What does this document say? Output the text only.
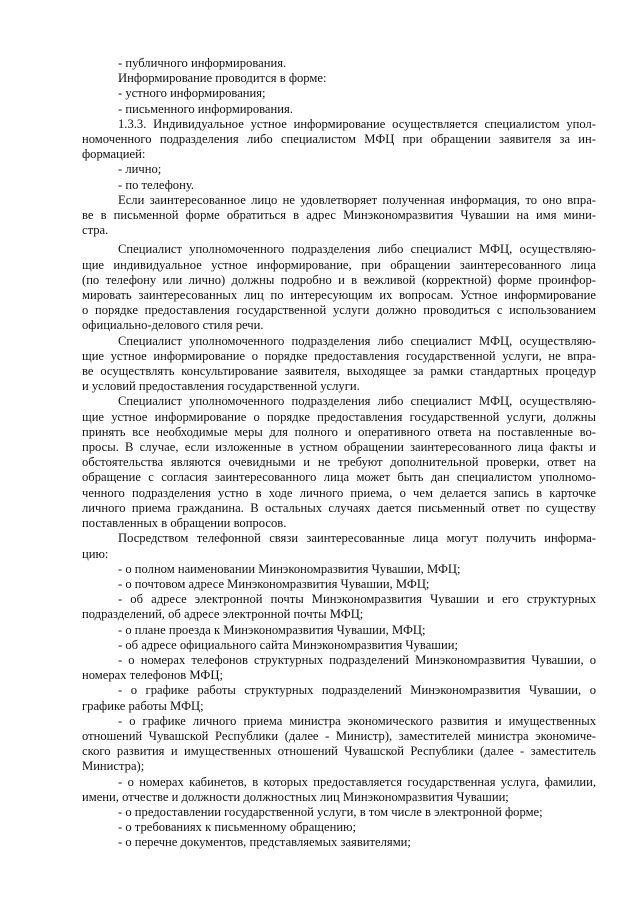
- публичного информирования.
Информирование проводится в форме:
- устного информирования;
- письменного информирования.
1.3.3. Индивидуальное устное информирование осуществляется специалистом упол-
номоченного подразделения либо специалистом МФЦ при обращении заявителя за ин-
формацией:
- лично;
- по телефону.
Если заинтересованное лицо не удовлетворяет полученная информация, то оно впра-
ве в письменной форме обратиться в адрес Минэкономразвития Чувашии на имя мини-
стра.
Специалист уполномоченного подразделения либо специалист МФЦ, осуществляю-
щие индивидуальное устное информирование, при обращении заинтересованного лица
(по телефону или лично) должны подробно и в вежливой (корректной) форме проинфор-
мировать заинтересованных лиц по интересующим их вопросам. Устное информирование
о порядке предоставления государственной услуги должно проводиться с использованием
официально-делового стиля речи.
Специалист уполномоченного подразделения либо специалист МФЦ, осуществляю-
щие устное информирование о порядке предоставления государственной услуги, не впра-
ве осуществлять консультирование заявителя, выходящее за рамки стандартных процедур
и условий предоставления государственной услуги.
Специалист уполномоченного подразделения либо специалист МФЦ, осуществляю-
щие устное информирование о порядке предоставления государственной услуги, должны
принять все необходимые меры для полного и оперативного ответа на поставленные во-
просы. В случае, если изложенные в устном обращении заинтересованного лица факты и
обстоятельства являются очевидными и не требуют дополнительной проверки, ответ на
обращение с согласия заинтересованного лица может быть дан специалистом уполномо-
ченного подразделения устно в ходе личного приема, о чем делается запись в карточке
личного приема гражданина. В остальных случаях дается письменный ответ по существу
поставленных в обращении вопросов.
Посредством телефонной связи заинтересованные лица могут получить информа-
цию:
- о полном наименовании Минэкономразвития Чувашии, МФЦ;
- о почтовом адресе Минэкономразвития Чувашии, МФЦ;
- об адресе электронной почты Минэкономразвития Чувашии и его структурных
подразделений, об адресе электронной почты МФЦ;
- о плане проезда к Минэкономразвития Чувашии, МФЦ;
- об адресе официального сайта Минэкономразвития Чувашии;
- о номерах телефонов структурных подразделений Минэкономразвития Чувашии, о
номерах телефонов МФЦ;
- о графике работы структурных подразделений Минэкономразвития Чувашии, о
графике работы МФЦ;
- о графике личного приема министра экономического развития и имущественных
отношений Чувашской Республики (далее - Министр), заместителей министра экономиче-
ского развития и имущественных отношений Чувашской Республики (далее - заместитель
Министра);
- о номерах кабинетов, в которых предоставляется государственная услуга, фамилии,
имени, отчестве и должности должностных лиц Минэкономразвития Чувашии;
- о предоставлении государственной услуги, в том числе в электронной форме;
- о требованиях к письменному обращению;
- о перечне документов, представляемых заявителями;
